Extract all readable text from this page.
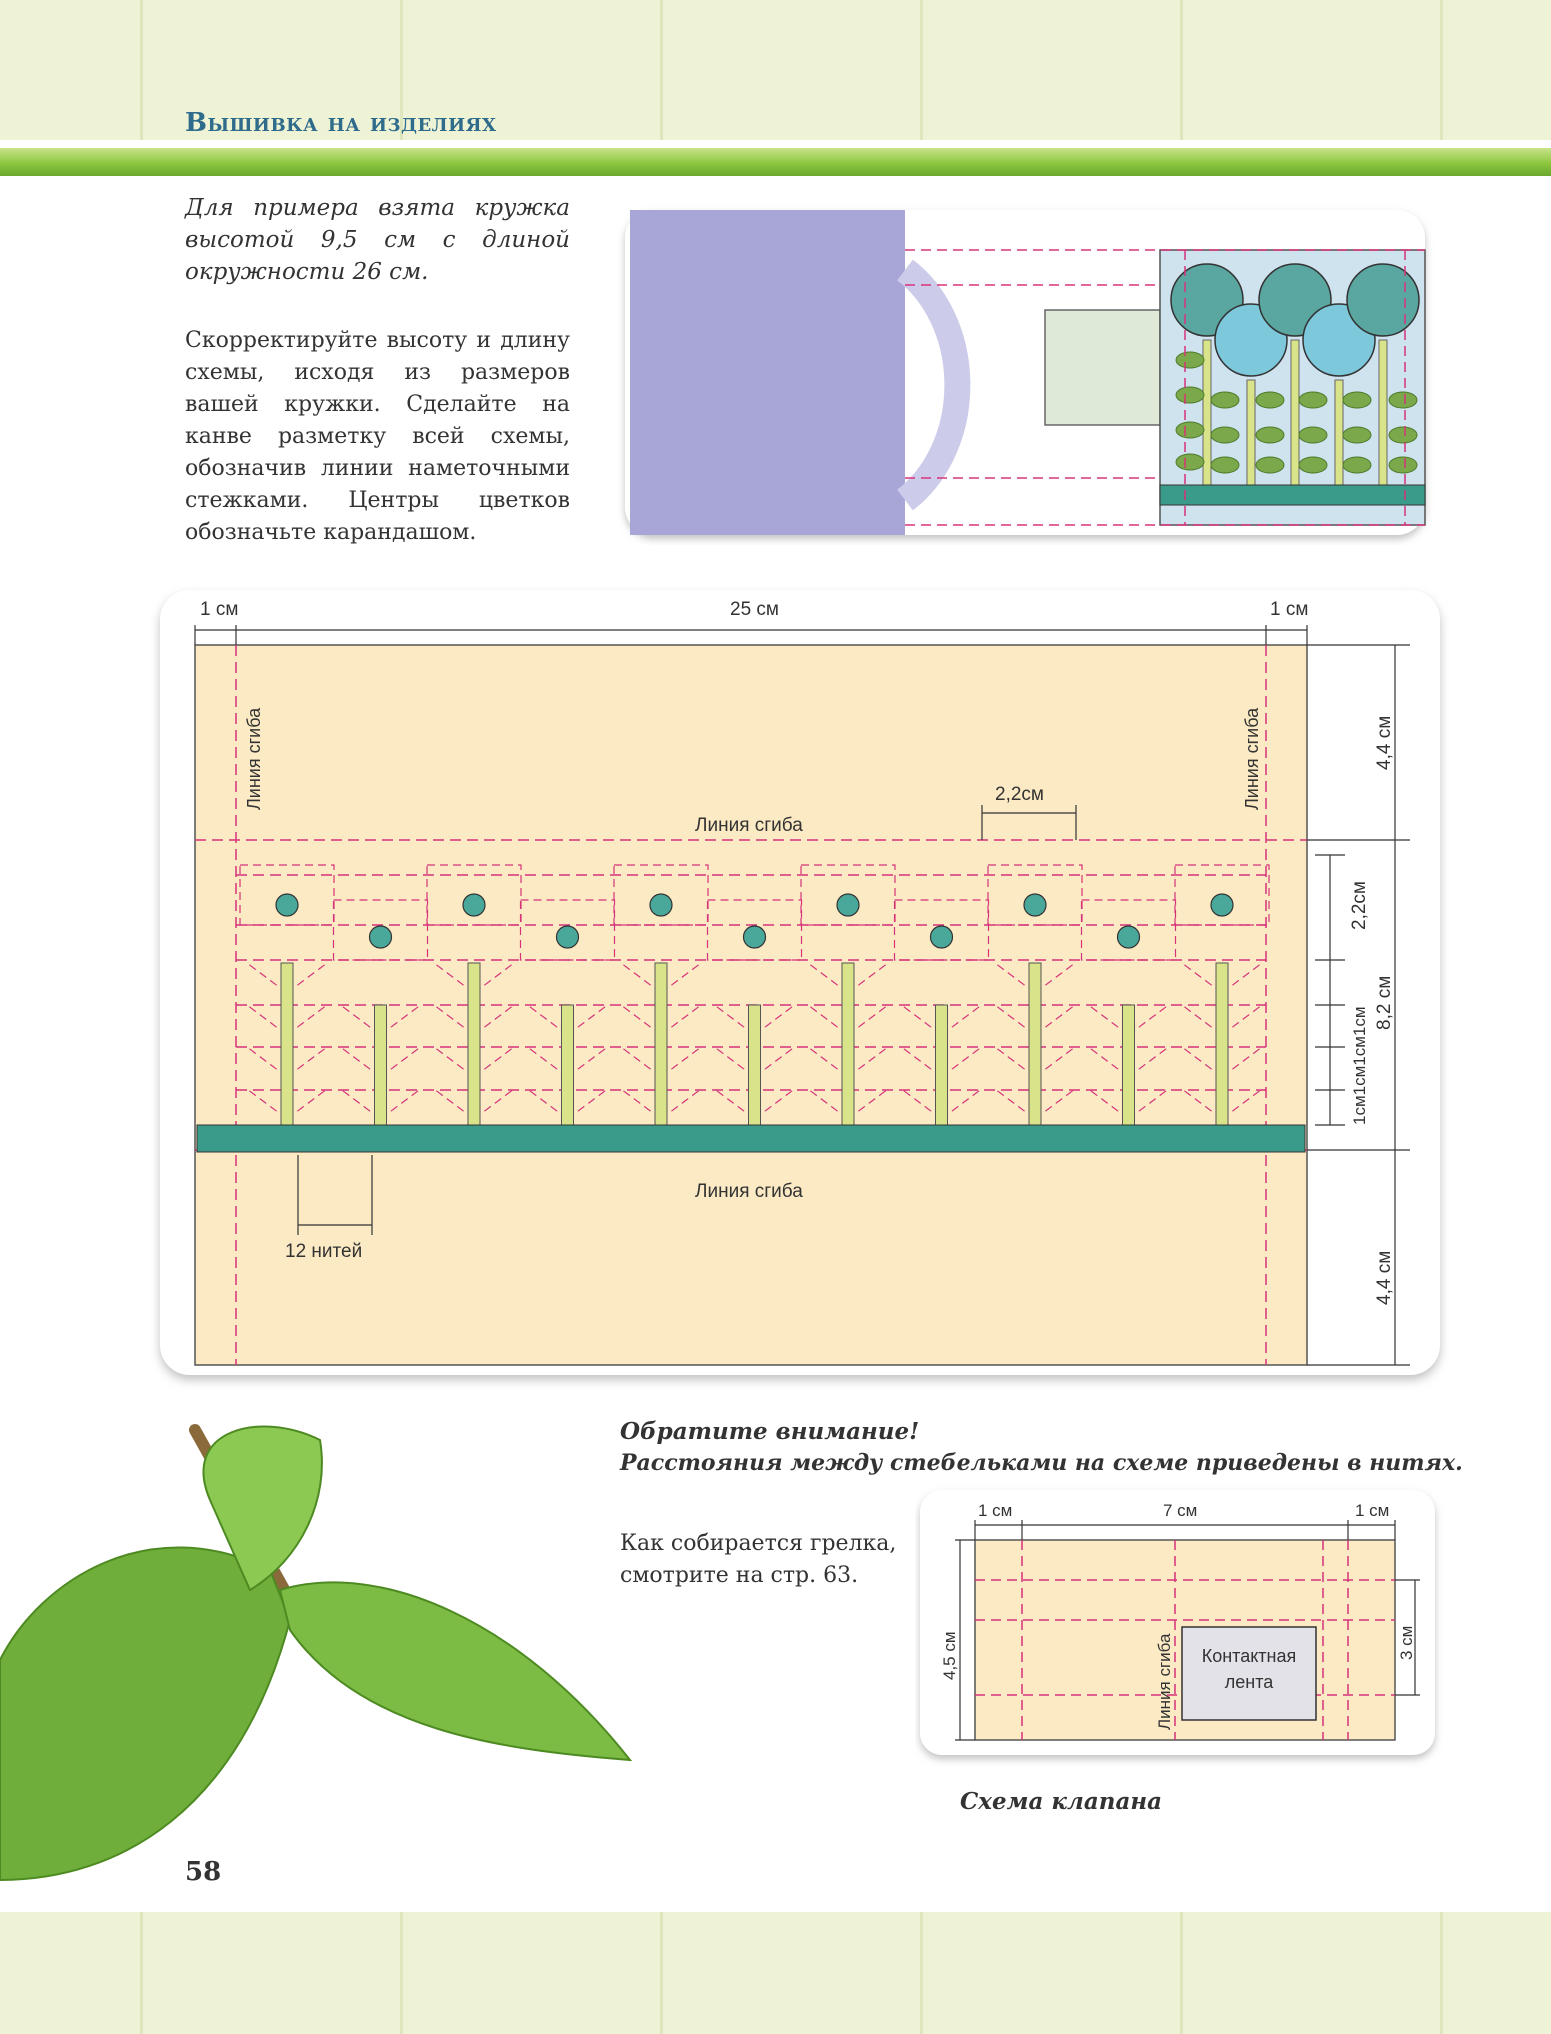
Вышивка на изделиях
Для примера взята кружка высотой 9,5 см с длиной окружности 26 см.
Скорректируйте высоту и длину схемы, исходя из размеров вашей кружки. Сделайте на канве разметку всей схемы, обозначив линии наметочными стежками. Центры цветков обозначьте карандашом.
1 см	25 см	1 см
Линия сгиба	Линия сгиба
Линия сгиба
Линия сгиба
2,2см
4,4 см
2,2см
8,2 см
1см1см1см1см
4,4 см
12 нитей
Обратите внимание!
Расстояния между стебельками на схеме приведены в нитях.
Как собирается грелка, смотрите на стр. 63.
Контактная
лента
Линия сгиба
1 см	7 см	1 см
4,5 см	3 см
Схема клапана
58
